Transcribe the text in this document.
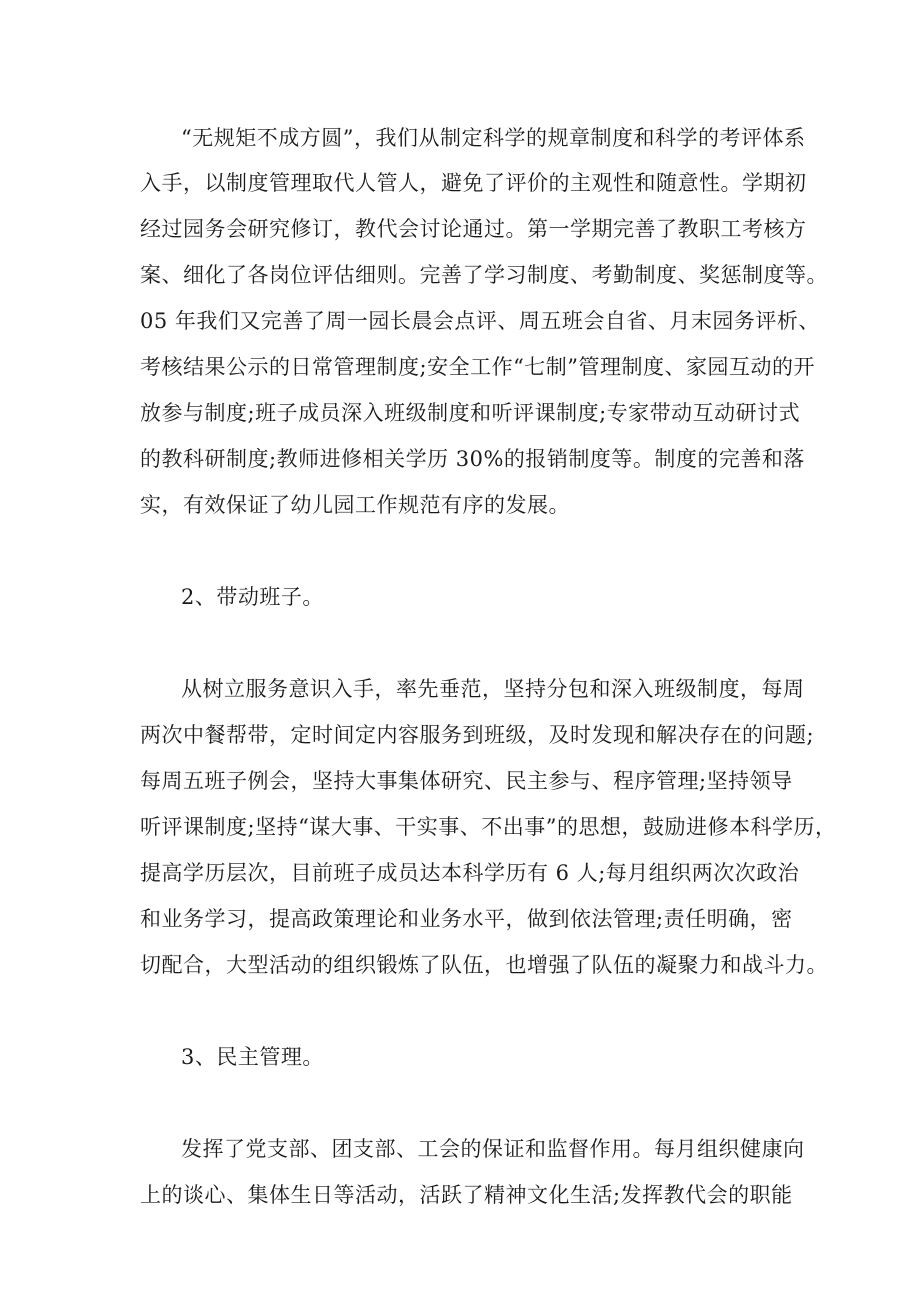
“无规矩不成方圆”，我们从制定科学的规章制度和科学的考评体系
入手，以制度管理取代人管人，避免了评价的主观性和随意性。学期初
经过园务会研究修订，教代会讨论通过。第一学期完善了教职工考核方
案、细化了各岗位评估细则。完善了学习制度、考勤制度、奖惩制度等。
05 年我们又完善了周一园长晨会点评、周五班会自省、月末园务评析、
考核结果公示的日常管理制度;安全工作“七制”管理制度、家园互动的开
放参与制度;班子成员深入班级制度和听评课制度;专家带动互动研讨式
的教科研制度;教师进修相关学历 30%的报销制度等。制度的完善和落
实，有效保证了幼儿园工作规范有序的发展。
2、带动班子。
从树立服务意识入手，率先垂范，坚持分包和深入班级制度，每周
两次中餐帮带，定时间定内容服务到班级，及时发现和解决存在的问题;
每周五班子例会，坚持大事集体研究、民主参与、程序管理;坚持领导
听评课制度;坚持“谋大事、干实事、不出事”的思想，鼓励进修本科学历，
提高学历层次，目前班子成员达本科学历有 6 人;每月组织两次次政治
和业务学习，提高政策理论和业务水平，做到依法管理;责任明确，密
切配合，大型活动的组织锻炼了队伍，也增强了队伍的凝聚力和战斗力。
3、民主管理。
发挥了党支部、团支部、工会的保证和监督作用。每月组织健康向
上的谈心、集体生日等活动，活跃了精神文化生活;发挥教代会的职能
